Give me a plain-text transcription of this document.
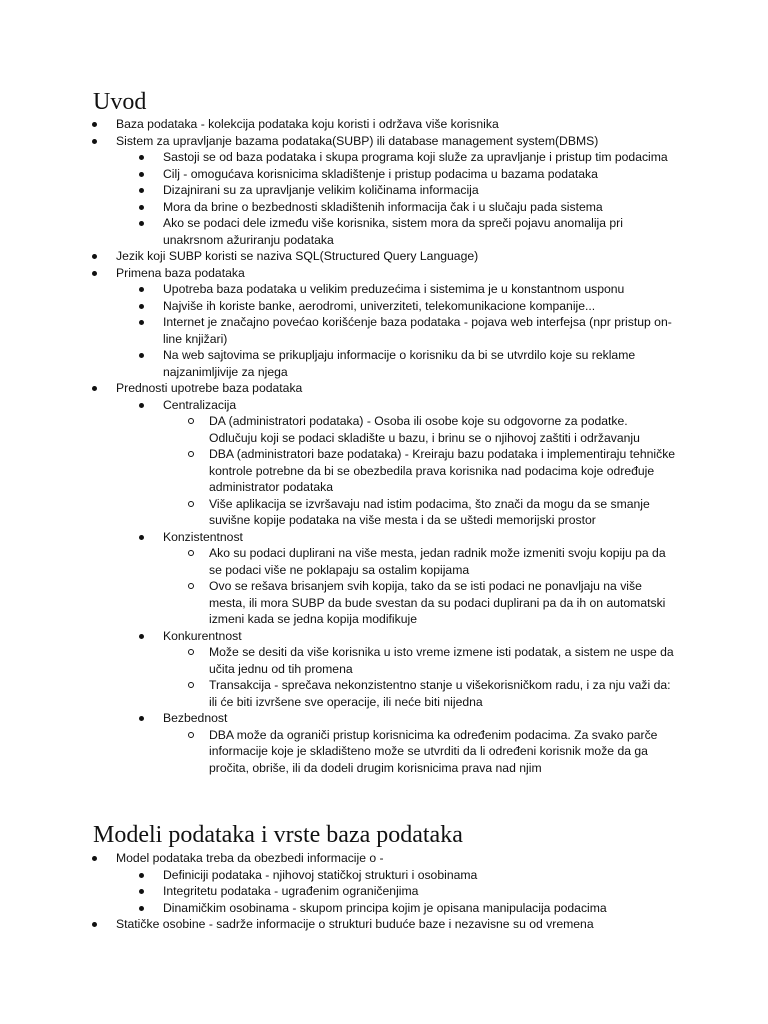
Uvod
Baza podataka - kolekcija podataka koju koristi i održava više korisnika
Sistem za upravljanje bazama podataka(SUBP) ili database management system(DBMS)
Sastoji se od baza podataka i skupa programa koji služe za upravljanje i pristup tim podacima
Cilj - omogućava korisnicima skladištenje i pristup podacima u bazama podataka
Dizajnirani su za upravljanje velikim količinama informacija
Mora da brine o bezbednosti skladištenih informacija čak i u slučaju pada sistema
Ako se podaci dele između više korisnika, sistem mora da spreči pojavu anomalija pri unakrsnom ažuriranju podataka
Jezik koji SUBP koristi se naziva SQL(Structured Query Language)
Primena baza podataka
Upotreba baza podataka u velikim preduzećima i sistemima je u konstantnom usponu
Najviše ih koriste banke, aerodromi, univerziteti, telekomunikacione kompanije...
Internet je značajno povećao korišćenje baza podataka - pojava web interfejsa (npr pristup on-line knjižari)
Na web sajtovima se prikupljaju informacije o korisniku da bi se utvrdilo koje su reklame najzanimljivije za njega
Prednosti upotrebe baza podataka
Centralizacija
DA (administratori podataka) - Osoba ili osobe koje su odgovorne za podatke. Odlučuju koji se podaci skladište u bazu, i brinu se o njihovoj zaštiti i održavanju
DBA (administratori baze podataka) - Kreiraju bazu podataka i implementiraju tehničke kontrole potrebne da bi se obezbedila prava korisnika nad podacima koje određuje administrator podataka
Više aplikacija se izvršavaju nad istim podacima, što znači da mogu da se smanje suvišne kopije podataka na više mesta i da se uštedi memorijski prostor
Konzistentnost
Ako su podaci duplirani na više mesta, jedan radnik može izmeniti svoju kopiju pa da se podaci više ne poklapaju sa ostalim kopijama
Ovo se rešava brisanjem svih kopija, tako da se isti podaci ne ponavljaju na više mesta, ili mora SUBP da bude svestan da su podaci duplirani pa da ih on automatski izmeni kada se jedna kopija modifikuje
Konkurentnost
Može se desiti da više korisnika u isto vreme izmene isti podatak, a sistem ne uspe da učita jednu od tih promena
Transakcija - sprečava nekonzistentno stanje u višekorisničkom radu, i za nju važi da: ili će biti izvršene sve operacije, ili neće biti nijedna
Bezbednost
DBA može da ograniči pristup korisnicima ka određenim podacima. Za svako parče informacije koje je skladišteno može se utvrditi da li određeni korisnik može da ga pročita, obriše, ili da dodeli drugim korisnicima prava nad njim
Modeli podataka i vrste baza podataka
Model podataka treba da obezbedi informacije o -
Definiciji podataka - njihovoj statičkoj strukturi i osobinama
Integritetu podataka - ugrađenim ograničenjima
Dinamičkim osobinama - skupom principa kojim je opisana manipulacija podacima
Statičke osobine - sadrže informacije o strukturi buduće baze i nezavisne su od vremena
